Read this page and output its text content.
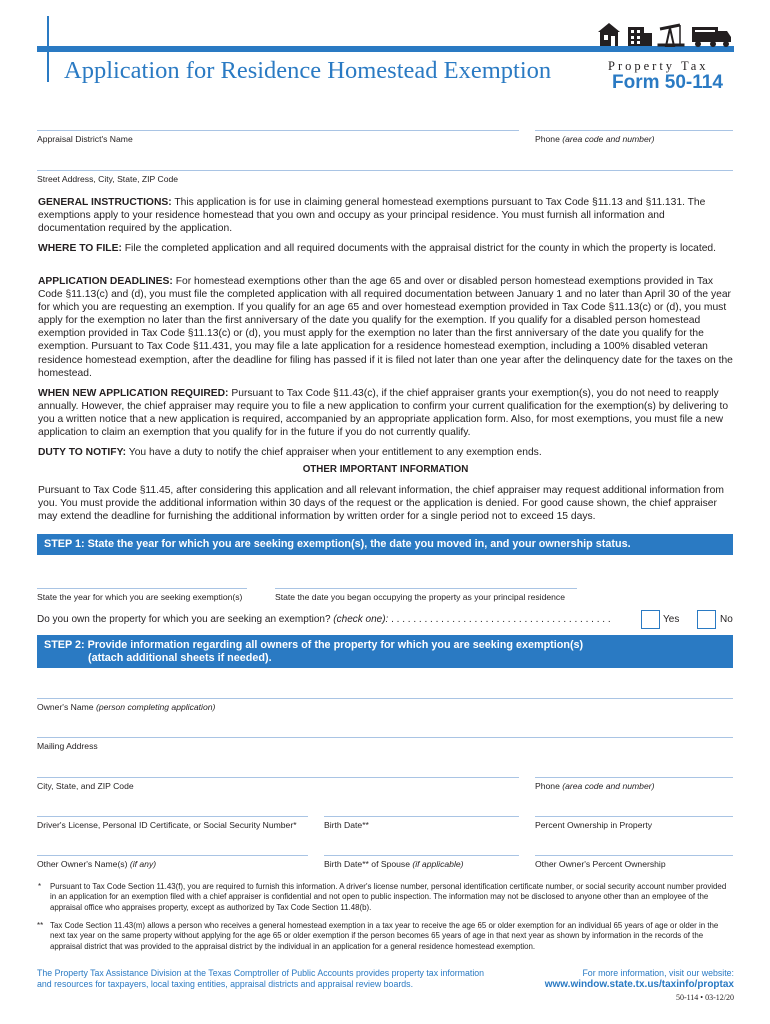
Application for Residence Homestead Exemption	Property Tax
Form 50-114
Appraisal District's Name	Phone (area code and number)
Street Address, City, State, ZIP Code

GENERAL INSTRUCTIONS: This application is for use in claiming general homestead exemptions pursuant to Tax Code §11.13 and §11.131. The exemptions apply to your residence homestead that you own and occupy as your principal residence. You must furnish all information and documentation required by the application.

WHERE TO FILE: File the completed application and all required documents with the appraisal district for the county in which the property is located.

APPLICATION DEADLINES: For homestead exemptions other than the age 65 and over or disabled person homestead exemptions provided in Tax Code §11.13(c) and (d), you must file the completed application with all required documentation between January 1 and no later than April 30 of the year for which you are requesting an exemption. If you qualify for an age 65 and over homestead exemption provided in Tax Code §11.13(c) or (d), you must apply for the exemption no later than the first anniversary of the date you qualify for the exemption. If you qualify for a disabled person homestead exemption provided in Tax Code §11.13(c) or (d), you must apply for the exemption no later than the first anniversary of the date you qualify for the exemption. Pursuant to Tax Code §11.431, you may file a late application for a residence homestead exemption, including a 100% disabled veteran residence homestead exemption, after the deadline for filing has passed if it is filed not later than one year after the delinquency date for the taxes on the homestead.

WHEN NEW APPLICATION REQUIRED: Pursuant to Tax Code §11.43(c), if the chief appraiser grants your exemption(s), you do not need to reapply annually. However, the chief appraiser may require you to file a new application to confirm your current qualification for the exemption(s) by delivering to you a written notice that a new application is required, accompanied by an appropriate application form. Also, for most exemptions, you must file a new application to claim an exemption that you qualify for in the future if you do not currently qualify.

DUTY TO NOTIFY: You have a duty to notify the chief appraiser when your entitlement to any exemption ends.

OTHER IMPORTANT INFORMATION

Pursuant to Tax Code §11.45, after considering this application and all relevant information, the chief appraiser may request additional information from you. You must provide the additional information within 30 days of the request or the application is denied. For good cause shown, the chief appraiser may extend the deadline for furnishing the additional information by written order for a single period not to exceed 15 days.

STEP 1: State the year for which you are seeking exemption(s), the date you moved in, and your ownership status.
State the year for which you are seeking exemption(s)	State the date you began occupying the property as your principal residence
Do you own the property for which you are seeking an exemption? (check one): . . . . . . . . . . . . . . . . . . . . . . . . . . . . . . . . . . . . . . . .	Yes	No
STEP 2: Provide information regarding all owners of the property for which you are seeking exemption(s)
(attach additional sheets if needed).
Owner's Name (person completing application)
Mailing Address
City, State, and ZIP Code	Phone (area code and number)
Driver's License, Personal ID Certificate, or Social Security Number*	Birth Date**	Percent Ownership in Property
Other Owner's Name(s) (if any)	Birth Date** of Spouse (if applicable)	Other Owner's Percent Ownership
* Pursuant to Tax Code Section 11.43(f), you are required to furnish this information. A driver's license number, personal identification certificate number, or social security account number provided in an application for an exemption filed with a chief appraiser is confidential and not open to public inspection. The information may not be disclosed to anyone other than an employee of the appraisal office who appraises property, except as authorized by Tax Code Section 11.48(b).
** Tax Code Section 11.43(m) allows a person who receives a general homestead exemption in a tax year to receive the age 65 or older exemption for an individual 65 years of age or older in the next tax year on the same property without applying for the age 65 or older exemption if the person becomes 65 years of age in that next year as shown by information in the records of the appraisal district that was provided to the appraisal district by the individual in an application for a general residence homestead exemption.
The Property Tax Assistance Division at the Texas Comptroller of Public Accounts provides property tax information and resources for taxpayers, local taxing entities, appraisal districts and appraisal review boards.
For more information, visit our website:
www.window.state.tx.us/taxinfo/proptax
50-114 • 03-12/20
